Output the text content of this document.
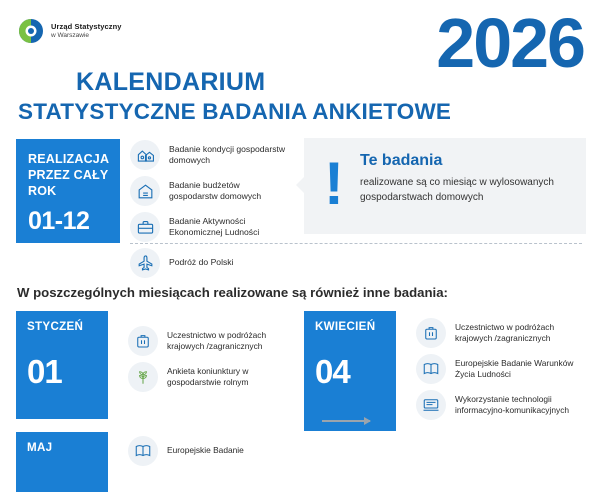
Urząd Statystyczny
w Warszawie	2026
KALENDARIUM
STATYSTYCZNE BADANIA ANKIETOWE
REALIZACJA PRZEZ CAŁY ROK
01-12
Badanie kondycji gospodarstw domowych
Badanie budżetów gospodarstw domowych
Badanie Aktywności Ekonomicznej Ludności
Podróż do Polski
!	Te badania
realizowane są co miesiąc w wylosowanych gospodarstwach domowych
W poszczególnych miesiącach realizowane są również inne badania:
STYCZEŃ
01
Uczestnictwo w podróżach krajowych /zagranicznych
Ankieta koniunktury w gospodarstwie rolnym
KWIECIEŃ
04
Uczestnictwo w podróżach krajowych /zagranicznych
Europejskie Badanie Warunków Życia Ludności
Wykorzystanie technologii informacyjno-komunikacyjnych
MAJ	Europejskie Badanie
